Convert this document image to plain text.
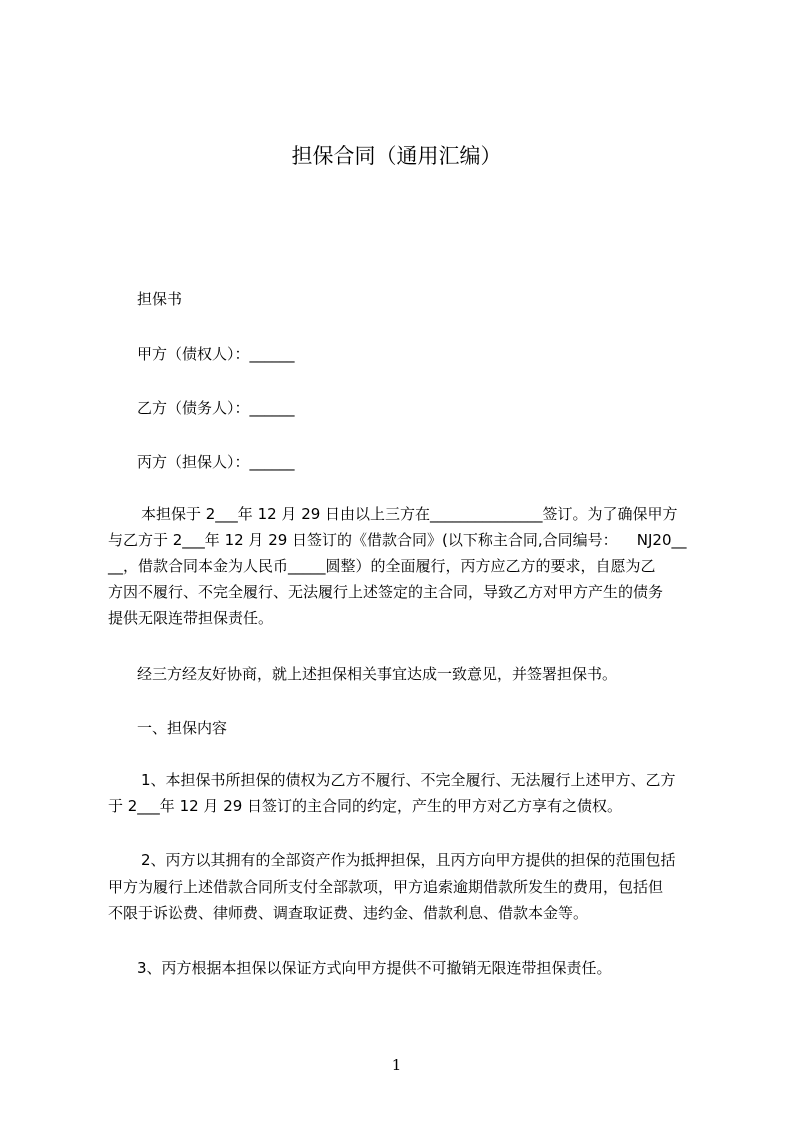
担保合同（通用汇编）
担保书
甲方（债权人）：______
乙方（债务人）：______
丙方（担保人）：______
本担保于 2___年 12 月 29 日由以上三方在_______________签订。为了确保甲方
与乙方于 2___年 12 月 29 日签订的《借款合同》(以下称主合同,合同编号：    NJ20__
__，借款合同本金为人民币_____圆整）的全面履行，丙方应乙方的要求，自愿为乙
方因不履行、不完全履行、无法履行上述签定的主合同，导致乙方对甲方产生的债务
提供无限连带担保责任。
经三方经友好协商，就上述担保相关事宜达成一致意见，并签署担保书。
一、担保内容
1、本担保书所担保的债权为乙方不履行、不完全履行、无法履行上述甲方、乙方
于 2___年 12 月 29 日签订的主合同的约定，产生的甲方对乙方享有之债权。
2、丙方以其拥有的全部资产作为抵押担保，且丙方向甲方提供的担保的范围包括
甲方为履行上述借款合同所支付全部款项，甲方追索逾期借款所发生的费用，包括但
不限于诉讼费、律师费、调查取证费、违约金、借款利息、借款本金等。
3、丙方根据本担保以保证方式向甲方提供不可撤销无限连带担保责任。
1
